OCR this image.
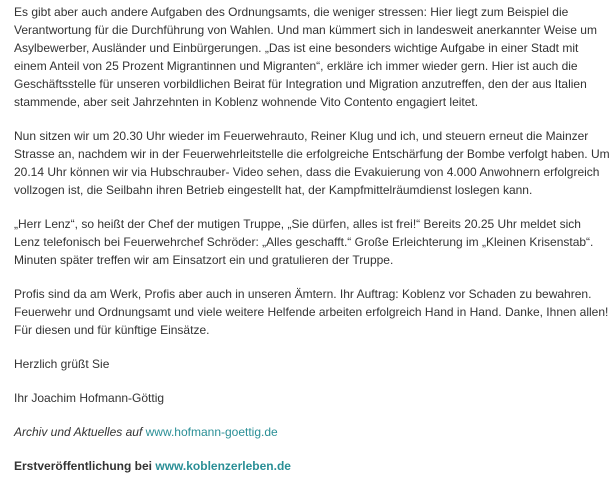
Es gibt aber auch andere Aufgaben des Ordnungsamts, die weniger stressen: Hier liegt zum Beispiel die Verantwortung für die Durchführung von Wahlen. Und man kümmert sich in landesweit anerkannter Weise um Asylbewerber, Ausländer und Einbürgerungen. „Das ist eine besonders wichtige Aufgabe in einer Stadt mit einem Anteil von 25 Prozent Migrantinnen und Migranten“, erkläre ich immer wieder gern. Hier ist auch die Geschäftsstelle für unseren vorbildlichen Beirat für Integration und Migration anzutreffen, den der aus Italien stammende, aber seit Jahrzehnten in Koblenz wohnende Vito Contento engagiert leitet.

Nun sitzen wir um 20.30 Uhr wieder im Feuerwehrauto, Reiner Klug und ich, und steuern erneut die Mainzer Strasse an, nachdem wir in der Feuerwehrleitstelle die erfolgreiche Entschärfung der Bombe verfolgt haben. Um 20.14 Uhr können wir via Hubschrauber- Video sehen, dass die Evakuierung von 4.000 Anwohnern erfolgreich vollzogen ist, die Seilbahn ihren Betrieb eingestellt hat, der Kampfmittelräumdienst loslegen kann.

„Herr Lenz“, so heißt der Chef der mutigen Truppe, „Sie dürfen, alles ist frei!“ Bereits 20.25 Uhr meldet sich Lenz telefonisch bei Feuerwehrchef Schröder: „Alles geschafft.“ Große Erleichterung im „Kleinen Krisenstab“. Minuten später treffen wir am Einsatzort ein und gratulieren der Truppe.

Profis sind da am Werk, Profis aber auch in unseren Ämtern. Ihr Auftrag: Koblenz vor Schaden zu bewahren. Feuerwehr und Ordnungsamt und viele weitere Helfende arbeiten erfolgreich Hand in Hand. Danke, Ihnen allen! Für diesen und für künftige Einsätze.

Herzlich grüßt Sie

Ihr Joachim Hofmann-Göttig

Archiv und Aktuelles auf www.hofmann-goettig.de

Erstveröffentlichung bei www.koblenzerleben.de
